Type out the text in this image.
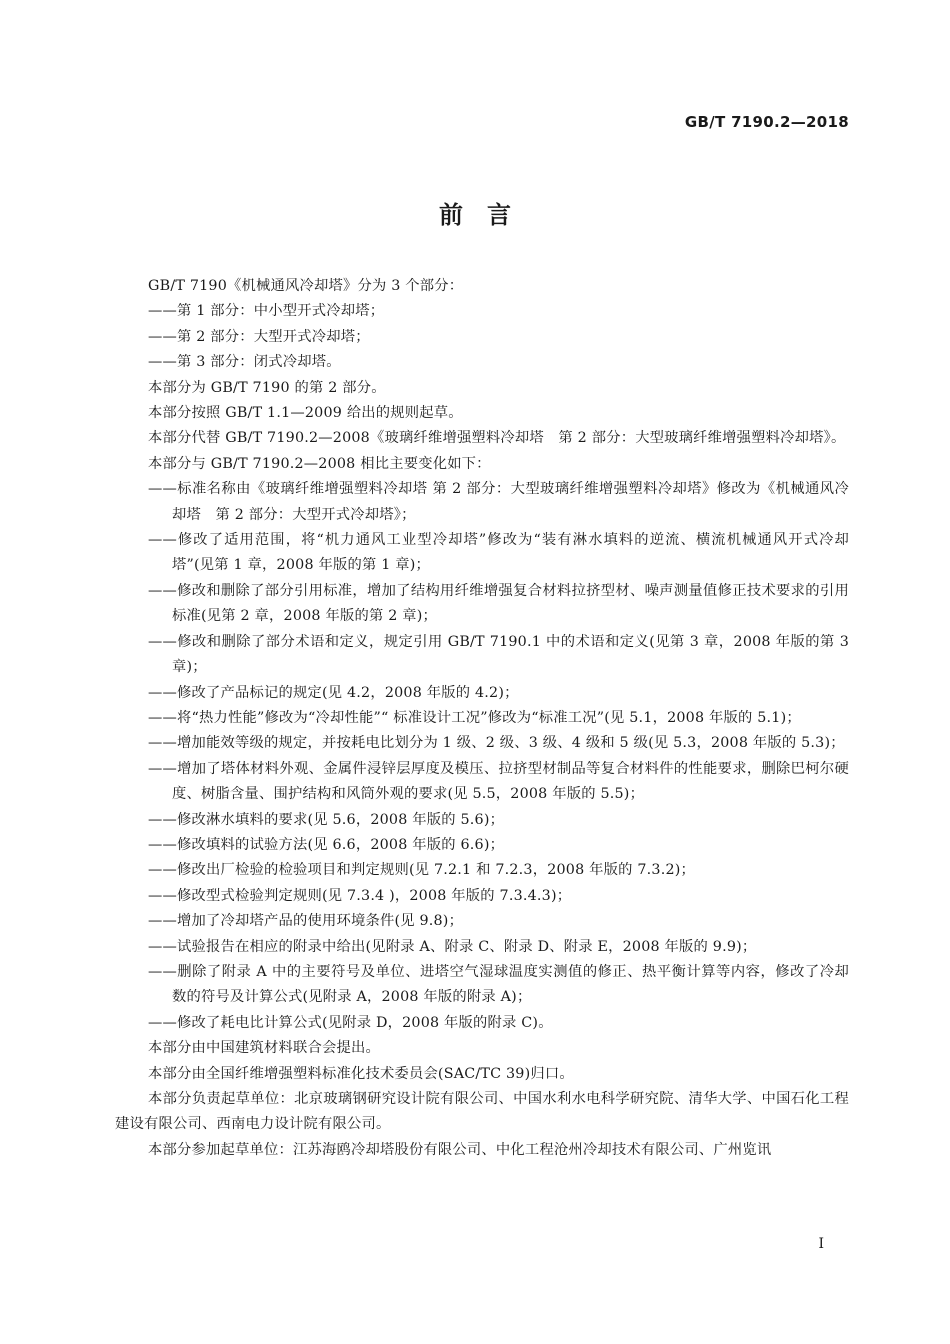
GB/T 7190.2—2018
前　言

GB/T 7190《机械通风冷却塔》分为 3 个部分：

——第 1 部分：中小型开式冷却塔；

——第 2 部分：大型开式冷却塔；

——第 3 部分：闭式冷却塔。

本部分为 GB/T 7190 的第 2 部分。

本部分按照 GB/T 1.1—2009 给出的规则起草。

本部分代替 GB/T 7190.2—2008《玻璃纤维增强塑料冷却塔　第 2 部分：大型玻璃纤维增强塑料冷却塔》。

本部分与 GB/T 7190.2—2008 相比主要变化如下：

——标准名称由《玻璃纤维增强塑料冷却塔 第 2 部分：大型玻璃纤维增强塑料冷却塔》修改为《机械通风冷却塔　第 2 部分：大型开式冷却塔》；

——修改了适用范围，将“机力通风工业型冷却塔”修改为“装有淋水填料的逆流、横流机械通风开式冷却塔”(见第 1 章，2008 年版的第 1 章)；

——修改和删除了部分引用标准，增加了结构用纤维增强复合材料拉挤型材、噪声测量值修正技术要求的引用标准(见第 2 章，2008 年版的第 2 章)；

——修改和删除了部分术语和定义，规定引用 GB/T 7190.1 中的术语和定义(见第 3 章，2008 年版的第 3 章)；

——修改了产品标记的规定(见 4.2，2008 年版的 4.2)；

——将“热力性能”修改为“冷却性能”“ 标准设计工况”修改为“标准工况”(见 5.1，2008 年版的 5.1)；

——增加能效等级的规定，并按耗电比划分为 1 级、2 级、3 级、4 级和 5 级(见 5.3，2008 年版的 5.3)；

——增加了塔体材料外观、金属件浸锌层厚度及模压、拉挤型材制品等复合材料件的性能要求，删除巴柯尔硬度、树脂含量、围护结构和风筒外观的要求(见 5.5，2008 年版的 5.5)；

——修改淋水填料的要求(见 5.6，2008 年版的 5.6)；

——修改填料的试验方法(见 6.6，2008 年版的 6.6)；

——修改出厂检验的检验项目和判定规则(见 7.2.1 和 7.2.3，2008 年版的 7.3.2)；

——修改型式检验判定规则(见 7.3.4 )，2008 年版的 7.3.4.3)；

——增加了冷却塔产品的使用环境条件(见 9.8)；

——试验报告在相应的附录中给出(见附录 A、附录 C、附录 D、附录 E，2008 年版的 9.9)；

——删除了附录 A 中的主要符号及单位、进塔空气湿球温度实测值的修正、热平衡计算等内容，修改了冷却数的符号及计算公式(见附录 A，2008 年版的附录 A)；

——修改了耗电比计算公式(见附录 D，2008 年版的附录 C)。

本部分由中国建筑材料联合会提出。

本部分由全国纤维增强塑料标准化技术委员会(SAC/TC 39)归口。

本部分负责起草单位：北京玻璃钢研究设计院有限公司、中国水利水电科学研究院、清华大学、中国石化工程建设有限公司、西南电力设计院有限公司。

本部分参加起草单位：江苏海鸥冷却塔股份有限公司、中化工程沧州冷却技术有限公司、广州览讯

I
